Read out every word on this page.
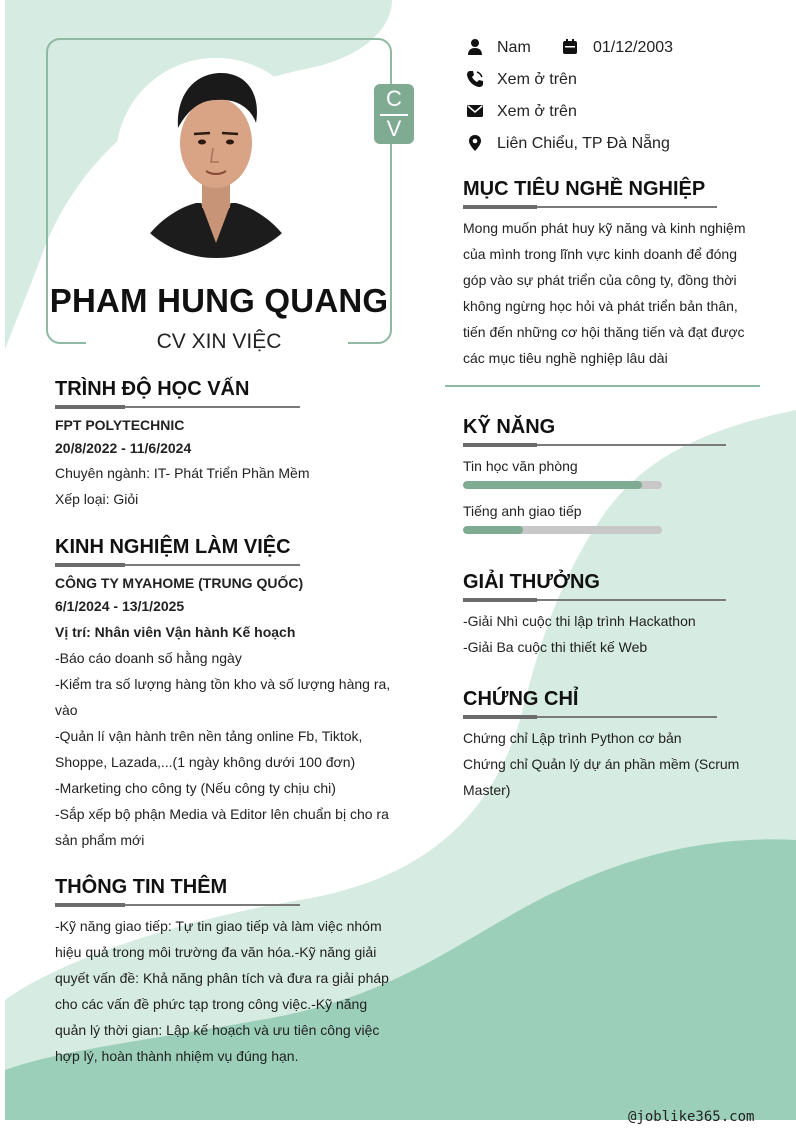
C
V
PHAM HUNG QUANG
CV XIN VIỆC
Nam	01/12/2003
Xem ở trên
Xem ở trên
Liên Chiểu, TP Đà Nẵng
MỤC TIÊU NGHỀ NGHIỆP
Mong muốn phát huy kỹ năng và kinh nghiệm
của mình trong lĩnh vực kinh doanh để đóng
góp vào sự phát triển của công ty, đồng thời
không ngừng học hỏi và phát triển bản thân,
tiến đến những cơ hội thăng tiến và đạt được
các mục tiêu nghề nghiệp lâu dài
TRÌNH ĐỘ HỌC VẤN
FPT POLYTECHNIC
20/8/2022 - 11/6/2024
Chuyên ngành: IT- Phát Triển Phần Mềm
Xếp loại: Giỏi
KINH NGHIỆM LÀM VIỆC
CÔNG TY MYAHOME (TRUNG QUỐC)
6/1/2024 - 13/1/2025
Vị trí: Nhân viên Vận hành Kế hoạch
-Báo cáo doanh số hằng ngày
-Kiểm tra số lượng hàng tồn kho và số lượng hàng ra,
vào
-Quản lí vận hành trên nền tảng online Fb, Tiktok,
Shoppe, Lazada,...(1 ngày không dưới 100 đơn)
-Marketing cho công ty (Nếu công ty chịu chi)
-Sắp xếp bộ phận Media và Editor lên chuẩn bị cho ra
sản phẩm mới
THÔNG TIN THÊM
-Kỹ năng giao tiếp: Tự tin giao tiếp và làm việc nhóm
hiệu quả trong môi trường đa văn hóa.-Kỹ năng giải
quyết vấn đề: Khả năng phân tích và đưa ra giải pháp
cho các vấn đề phức tạp trong công việc.-Kỹ năng
quản lý thời gian: Lập kế hoạch và ưu tiên công việc
hợp lý, hoàn thành nhiệm vụ đúng hạn.
KỸ NĂNG
Tin học văn phòng
Tiếng anh giao tiếp
GIẢI THƯỞNG
-Giải Nhì cuộc thi lập trình Hackathon
-Giải Ba cuộc thi thiết kế Web
CHỨNG CHỈ
Chứng chỉ Lập trình Python cơ bản
Chứng chỉ Quản lý dự án phần mềm (Scrum
Master)
@joblike365.com
